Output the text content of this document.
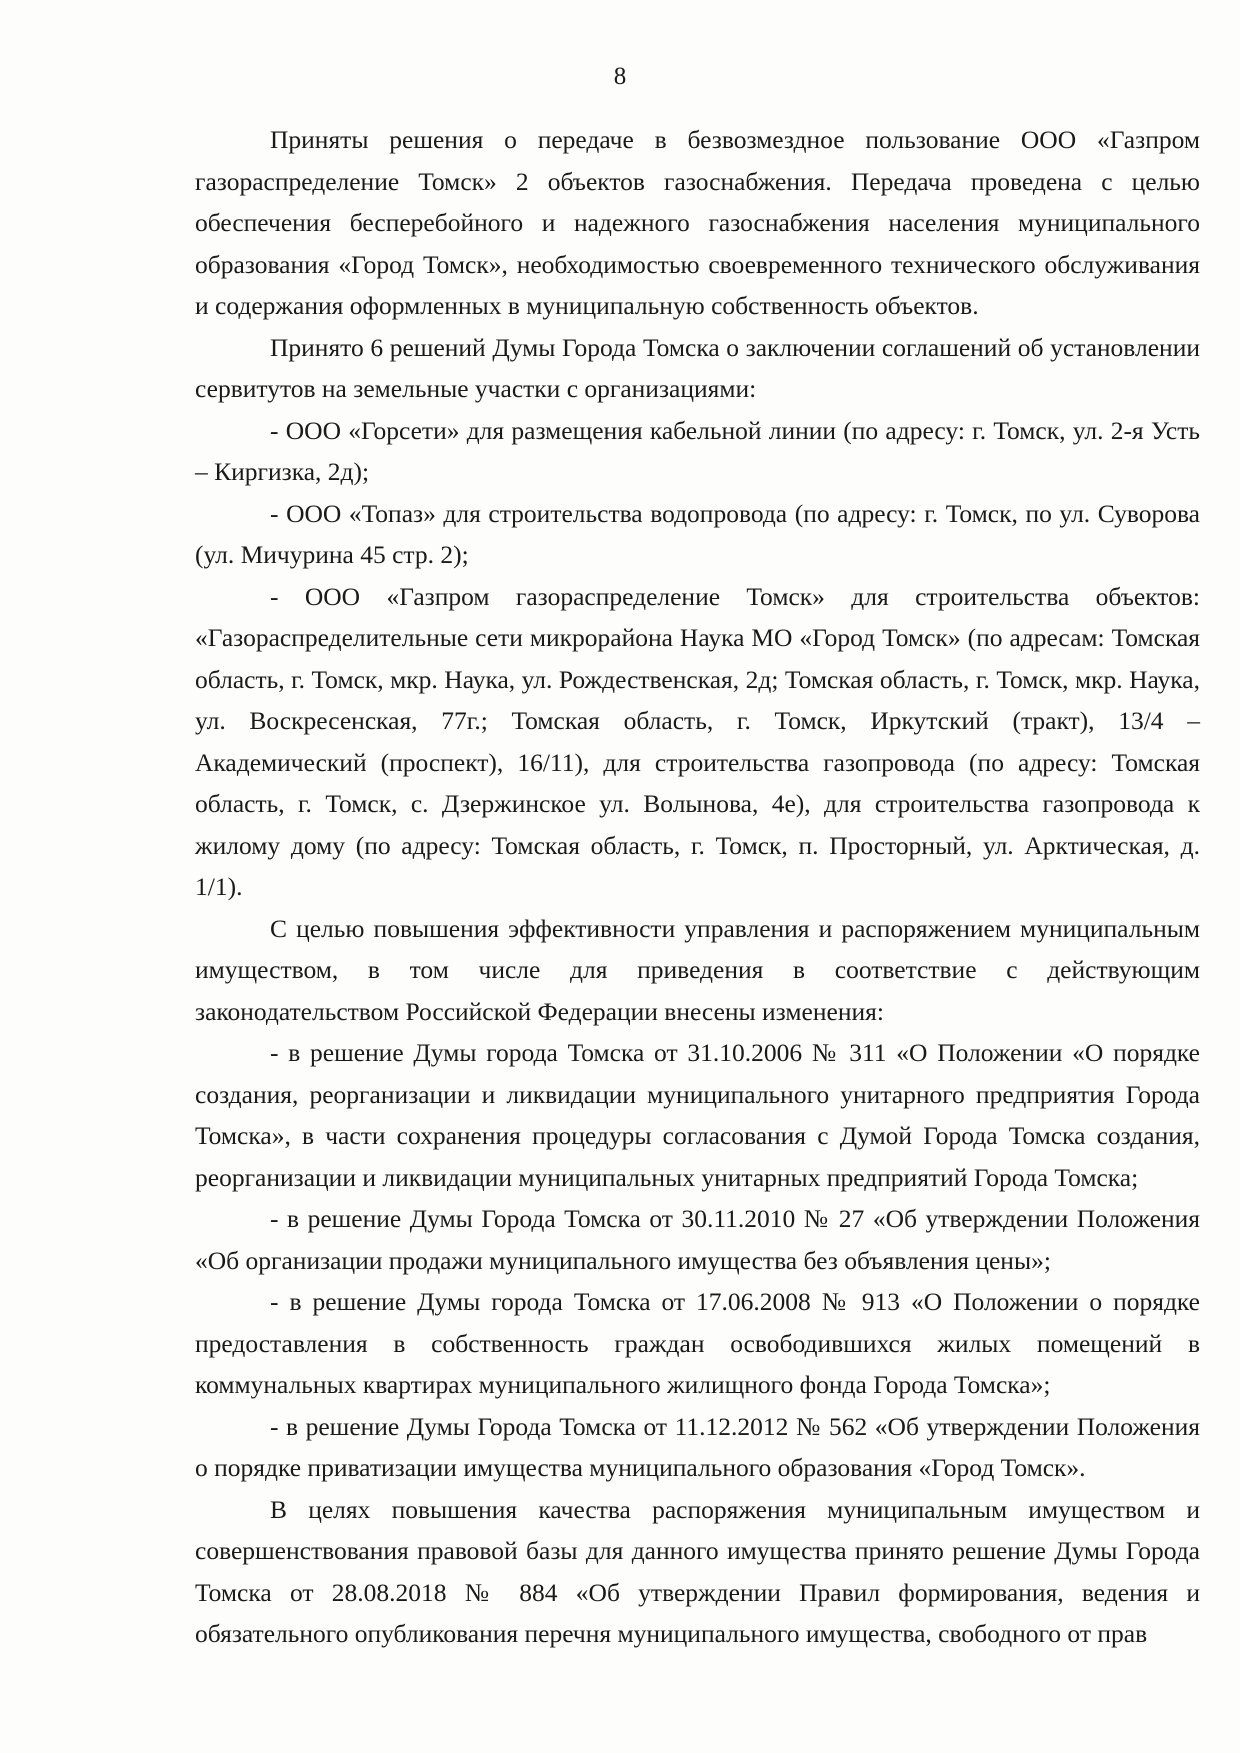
8

Приняты решения о передаче в безвозмездное пользование ООО «Газпром газораспределение Томск» 2 объектов газоснабжения. Передача проведена с целью обеспечения бесперебойного и надежного газоснабжения населения муниципального образования «Город Томск», необходимостью своевременного технического обслуживания и содержания оформленных в муниципальную собственность объектов.

Принято 6 решений Думы Города Томска о заключении соглашений об установлении сервитутов на земельные участки с организациями:

- ООО «Горсети» для размещения кабельной линии (по адресу: г. Томск, ул. 2-я Усть – Киргизка, 2д);

- ООО «Топаз» для строительства водопровода (по адресу: г. Томск, по ул. Суворова (ул. Мичурина 45 стр. 2);

- ООО «Газпром газораспределение Томск» для строительства объектов: «Газораспределительные сети микрорайона Наука МО «Город Томск» (по адресам: Томская область, г. Томск, мкр. Наука, ул. Рождественская, 2д; Томская область, г. Томск, мкр. Наука, ул. Воскресенская, 77г.; Томская область, г. Томск, Иркутский (тракт), 13/4 – Академический (проспект), 16/11), для строительства газопровода (по адресу: Томская область, г. Томск, с. Дзержинское ул. Волынова, 4е), для строительства газопровода к жилому дому (по адресу: Томская область, г. Томск, п. Просторный, ул. Арктическая, д. 1/1).

С целью повышения эффективности управления и распоряжением муниципальным имуществом, в том числе для приведения в соответствие с действующим законодательством Российской Федерации внесены изменения:

- в решение Думы города Томска от 31.10.2006 № 311 «О Положении «О порядке создания, реорганизации и ликвидации муниципального унитарного предприятия Города Томска», в части сохранения процедуры согласования с Думой Города Томска создания, реорганизации и ликвидации муниципальных унитарных предприятий Города Томска;

- в решение Думы Города Томска от 30.11.2010 № 27 «Об утверждении Положения «Об организации продажи муниципального имущества без объявления цены»;

- в решение Думы города Томска от 17.06.2008 № 913 «О Положении о порядке предоставления в собственность граждан освободившихся жилых помещений в коммунальных квартирах муниципального жилищного фонда Города Томска»;

- в решение Думы Города Томска от 11.12.2012 № 562 «Об утверждении Положения о порядке приватизации имущества муниципального образования «Город Томск».

В целях повышения качества распоряжения муниципальным имуществом и совершенствования правовой базы для данного имущества принято решение Думы Города Томска от 28.08.2018 № 884 «Об утверждении Правил формирования, ведения и обязательного опубликования перечня муниципального имущества, свободного от прав
